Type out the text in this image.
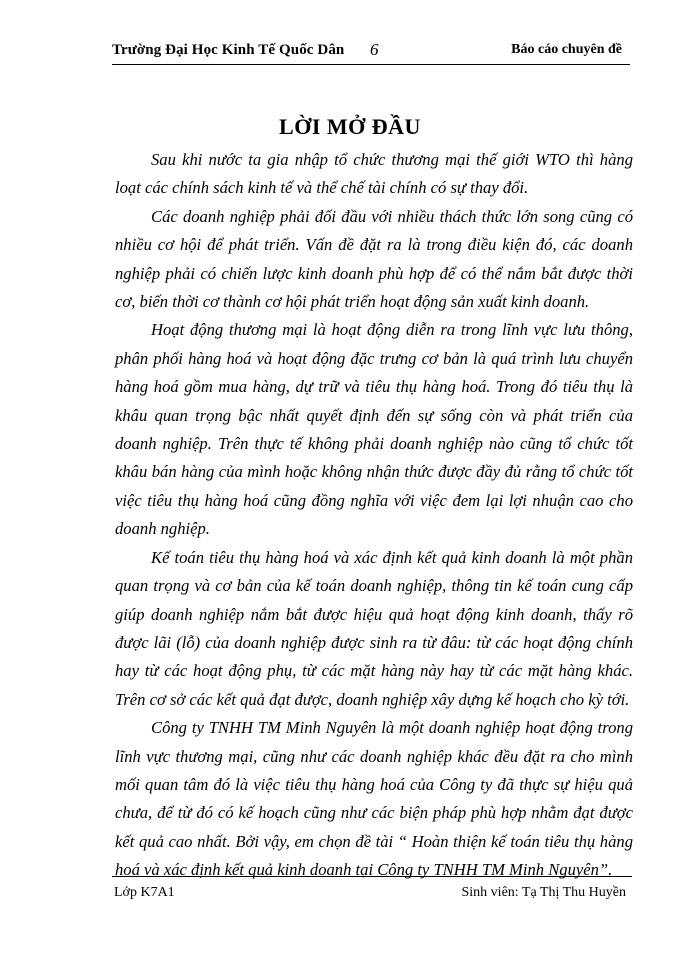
Trường Đại Học Kinh Tế Quốc Dân 6	Báo cáo chuyên đề
LỜI MỞ ĐẦU

Sau khi nước ta gia nhập tổ chức thương mại thế giới WTO thì hàng loạt các chính sách kinh tế và thể chế tài chính có sự thay đổi.

Các doanh nghiệp phải đối đầu với nhiều thách thức lớn song cũng có nhiều cơ hội để phát triển. Vấn đề đặt ra là trong điều kiện đó, các doanh nghiệp phải có chiến lược kinh doanh phù hợp để có thể nắm bắt được thời cơ, biến thời cơ thành cơ hội phát triển hoạt động sản xuất kinh doanh.

Hoạt động thương mại là hoạt động diễn ra trong lĩnh vực lưu thông, phân phối hàng hoá và hoạt động đặc trưng cơ bản là quá trình lưu chuyển hàng hoá gồm mua hàng, dự trữ và tiêu thụ hàng hoá. Trong đó tiêu thụ là khâu quan trọng bậc nhất quyết định đến sự sống còn và phát triển của doanh nghiệp. Trên thực tế không phải doanh nghiệp nào cũng tổ chức tốt khâu bán hàng của mình hoặc không nhận thức được đầy đủ rằng tổ chức tốt việc tiêu thụ hàng hoá cũng đồng nghĩa với việc đem lại lợi nhuận cao cho doanh nghiệp.

Kế toán tiêu thụ hàng hoá và xác định kết quả kinh doanh là một phần quan trọng và cơ bản của kế toán doanh nghiệp, thông tin kế toán cung cấp giúp doanh nghiệp nắm bắt được hiệu quả hoạt động kinh doanh, thấy rõ được lãi (lỗ) của doanh nghiệp được sinh ra từ đâu: từ các hoạt động chính hay từ các hoạt động phụ, từ các mặt hàng này hay từ các mặt hàng khác. Trên cơ sở các kết quả đạt được, doanh nghiệp xây dựng kế hoạch cho kỳ tới.

Công ty TNHH TM Minh Nguyên là một doanh nghiệp hoạt động trong lĩnh vực thương mại, cũng như các doanh nghiệp khác đều đặt ra cho mình mối quan tâm đó là việc tiêu thụ hàng hoá của Công ty đã thực sự hiệu quả chưa, để từ đó có kế hoạch cũng như các biện pháp phù hợp nhằm đạt được kết quả cao nhất. Bởi vậy, em chọn đề tài “ Hoàn thiện kế toán tiêu thụ hàng hoá và xác định kết quả kinh doanh tại Công ty TNHH TM Minh Nguyên”.

Lớp K7A1	Sinh viên: Tạ Thị Thu Huyền
